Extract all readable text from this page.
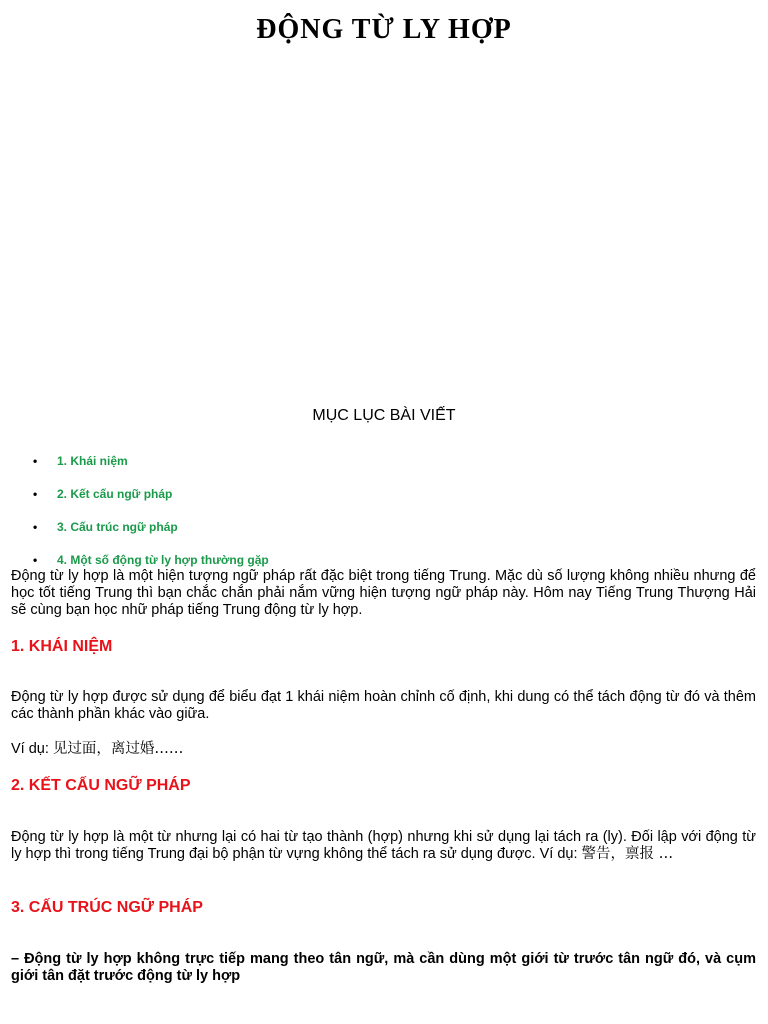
ĐỘNG TỪ LY HỢP
MỤC LỤC BÀI VIẾT
• 1. Khái niệm
• 2. Kết cấu ngữ pháp
• 3. Cấu trúc ngữ pháp
• 4. Một số động từ ly hợp thường gặp
Động từ ly hợp là một hiện tượng ngữ pháp rất đặc biệt trong tiếng Trung. Mặc dù số lượng không nhiều nhưng để học tốt tiếng Trung thì bạn chắc chắn phải nắm vững hiện tượng ngữ pháp này. Hôm nay Tiếng Trung Thượng Hải sẽ cùng bạn học nhữ pháp tiếng Trung động từ ly hợp.
1. KHÁI NIỆM
Động từ ly hợp được sử dụng để biểu đạt 1 khái niệm hoàn chỉnh cố định, khi dung có thể tách động từ đó và thêm các thành phần khác vào giữa.
Ví dụ: 见过面，离过婚……
2. KẾT CẤU NGỮ PHÁP
Động từ ly hợp là một từ nhưng lại có hai từ tạo thành (hợp) nhưng khi sử dụng lại tách ra (ly). Đối lập với động từ ly hợp thì trong tiếng Trung đại bộ phận từ vựng không thể tách ra sử dụng được. Ví dụ: 警告，禀报 …
3. CẤU TRÚC NGỮ PHÁP
– Động từ ly hợp không trực tiếp mang theo tân ngữ, mà cần dùng một giới từ trước tân ngữ đó, và cụm giới tân đặt trước động từ ly hợp
